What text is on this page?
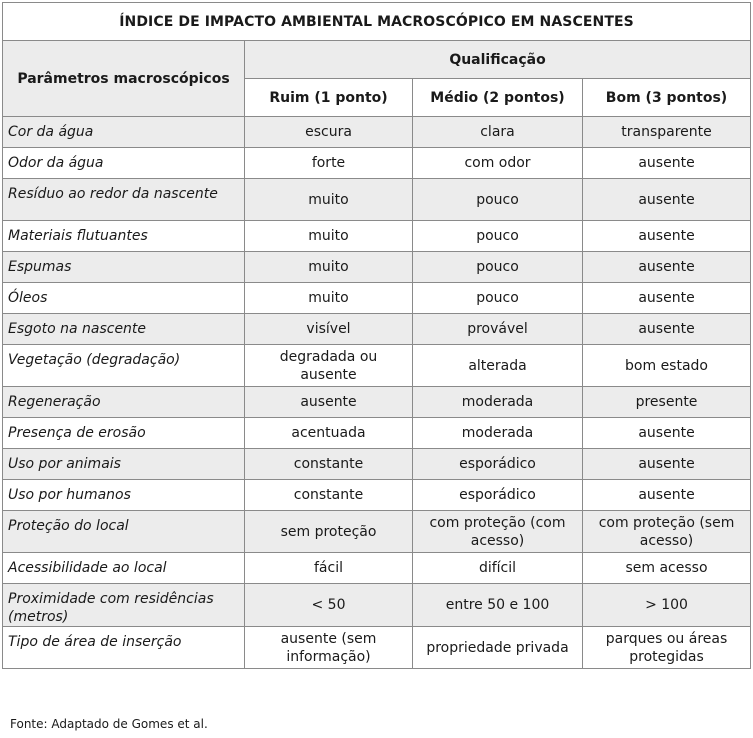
ÍNDICE DE IMPACTO AMBIENTAL MACROSCÓPICO EM NASCENTES			
Parâmetros macroscópicos	Qualificação		
	Ruim (1 ponto)	Médio (2 pontos)	Bom (3 pontos)
Cor da água	escura	clara	transparente
Odor da água	forte	com odor	ausente
Resíduo ao redor da nascente	muito	pouco	ausente
Materiais flutuantes	muito	pouco	ausente
Espumas	muito	pouco	ausente
Óleos	muito	pouco	ausente
Esgoto na nascente	visível	provável	ausente
Vegetação (degradação)	degradada ou ausente	alterada	bom estado
Regeneração	ausente	moderada	presente
Presença de erosão	acentuada	moderada	ausente
Uso por animais	constante	esporádico	ausente
Uso por humanos	constante	esporádico	ausente
Proteção do local	sem proteção	com proteção (com acesso)	com proteção (sem acesso)
Acessibilidade ao local	fácil	difícil	sem acesso
Proximidade com residências (metros)	< 50	entre 50 e 100	> 100
Tipo de área de inserção	ausente (sem informação)	propriedade privada	parques ou áreas protegidas
Fonte: Adaptado de Gomes et al.
